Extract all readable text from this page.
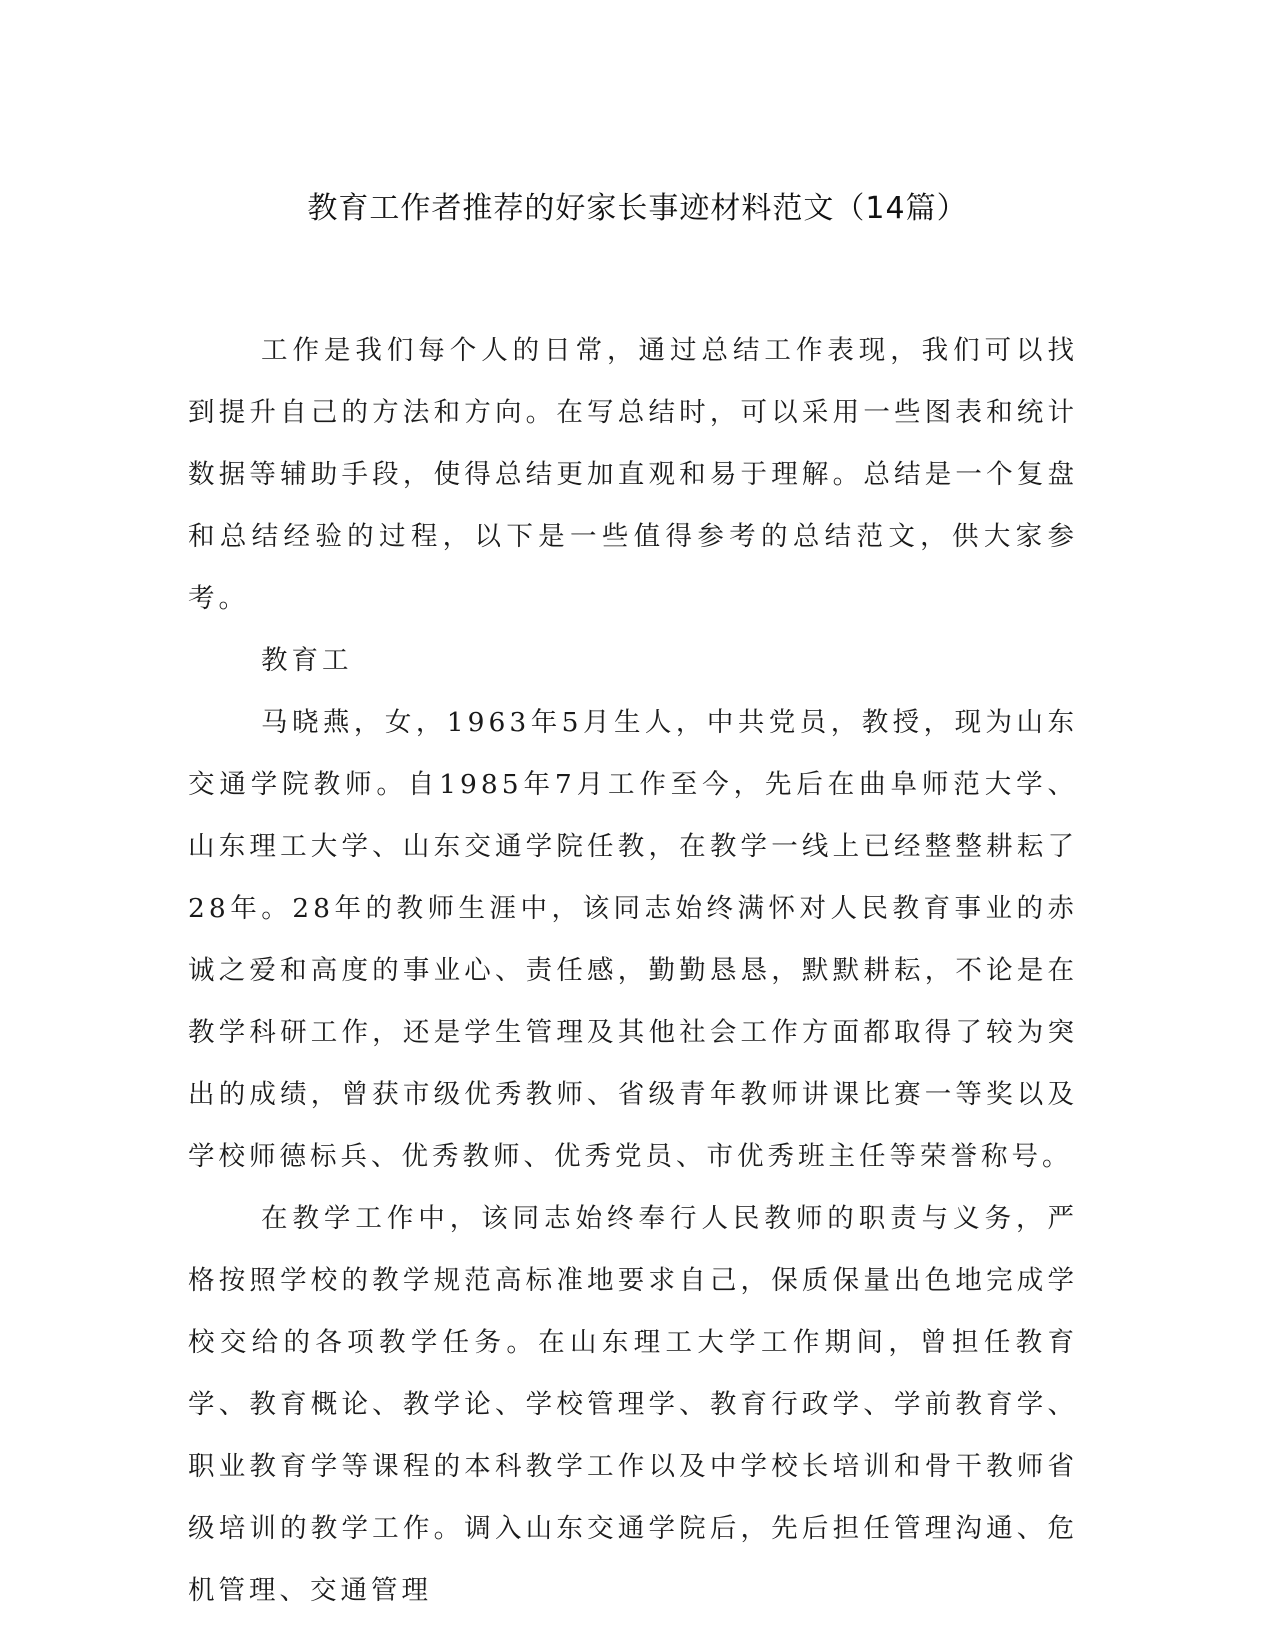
教育工作者推荐的好家长事迹材料范文（14篇）

工作是我们每个人的日常，通过总结工作表现，我们可以找到提升自己的方法和方向。在写总结时，可以采用一些图表和统计数据等辅助手段，使得总结更加直观和易于理解。总结是一个复盘和总结经验的过程，以下是一些值得参考的总结范文，供大家参考。

教育工

马晓燕，女，1963年5月生人，中共党员，教授，现为山东交通学院教师。自1985年7月工作至今，先后在曲阜师范大学、山东理工大学、山东交通学院任教，在教学一线上已经整整耕耘了28年。28年的教师生涯中，该同志始终满怀对人民教育事业的赤诚之爱和高度的事业心、责任感，勤勤恳恳，默默耕耘，不论是在教学科研工作，还是学生管理及其他社会工作方面都取得了较为突出的成绩，曾获市级优秀教师、省级青年教师讲课比赛一等奖以及学校师德标兵、优秀教师、优秀党员、市优秀班主任等荣誉称号。

在教学工作中，该同志始终奉行人民教师的职责与义务，严格按照学校的教学规范高标准地要求自己，保质保量出色地完成学校交给的各项教学任务。在山东理工大学工作期间，曾担任教育学、教育概论、教学论、学校管理学、教育行政学、学前教育学、职业教育学等课程的本科教学工作以及中学校长培训和骨干教师省级培训的教学工作。调入山东交通学院后，先后担任管理沟通、危机管理、交通管理
